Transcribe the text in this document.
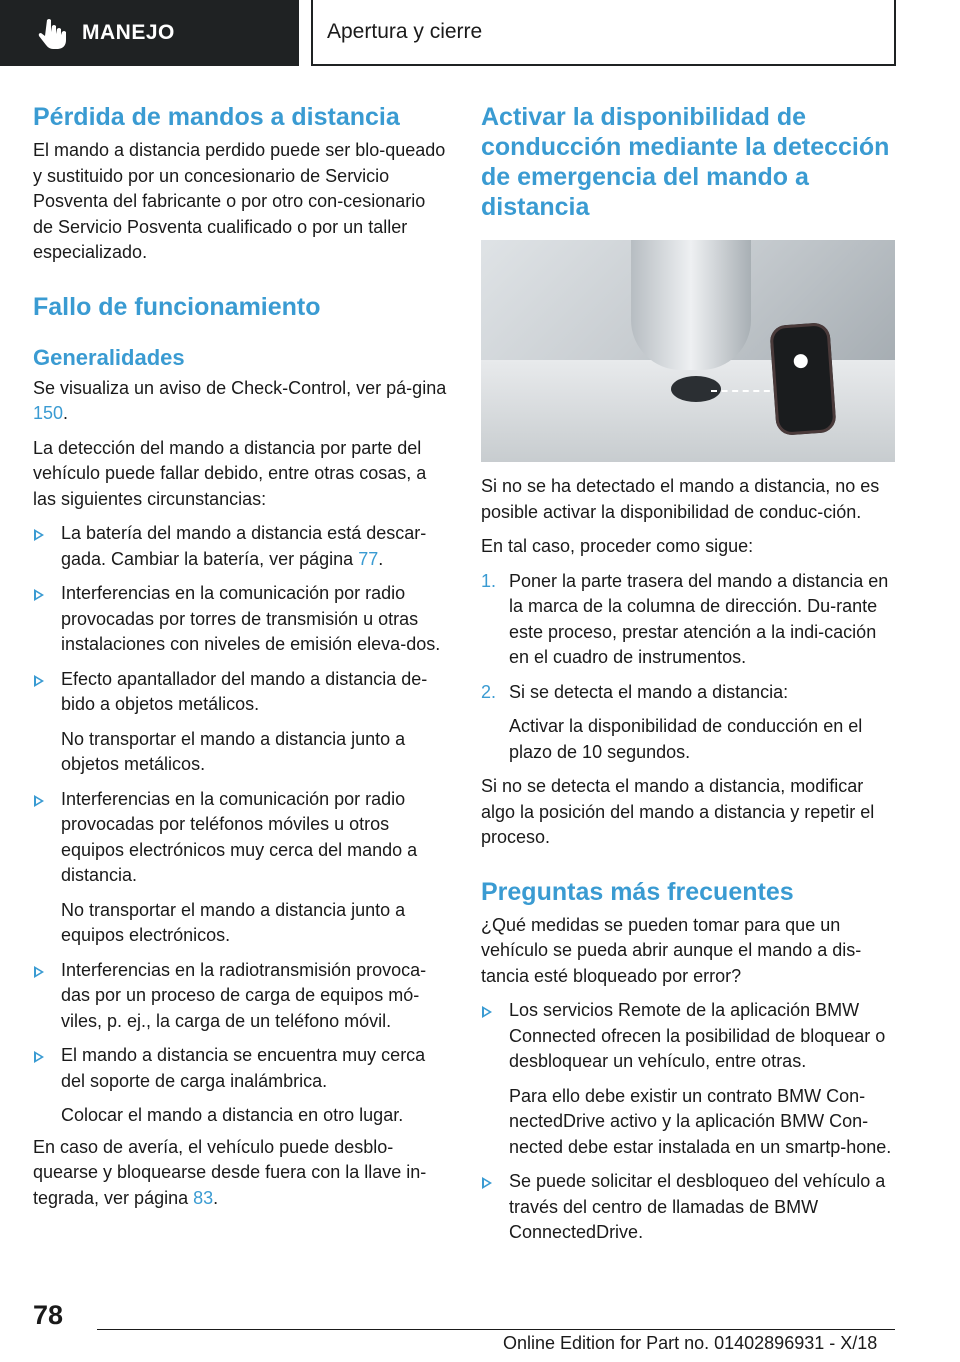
MANEJO	Apertura y cierre
Pérdida de mandos a distancia

El mando a distancia perdido puede ser blo-queado y sustituido por un concesionario de Servicio Posventa del fabricante o por otro con-cesionario de Servicio Posventa cualificado o por un taller especializado.

Fallo de funcionamiento
Generalidades

Se visualiza un aviso de Check-Control, ver pá-gina 150.

La detección del mando a distancia por parte del vehículo puede fallar debido, entre otras cosas, a las siguientes circunstancias:

La batería del mando a distancia está descar-gada. Cambiar la batería, ver página 77.
Interferencias en la comunicación por radio provocadas por torres de transmisión u otras instalaciones con niveles de emisión eleva-dos.
Efecto apantallador del mando a distancia de-bido a objetos metálicos.
No transportar el mando a distancia junto a objetos metálicos.
Interferencias en la comunicación por radio provocadas por teléfonos móviles u otros equipos electrónicos muy cerca del mando a distancia.
No transportar el mando a distancia junto a equipos electrónicos.
Interferencias en la radiotransmisión provoca-das por un proceso de carga de equipos mó-viles, p. ej., la carga de un teléfono móvil.
El mando a distancia se encuentra muy cerca del soporte de carga inalámbrica.
Colocar el mando a distancia en otro lugar.

En caso de avería, el vehículo puede desblo-quearse y bloquearse desde fuera con la llave in-tegrada, ver página 83.

Activar la disponibilidad de conducción mediante la detección de emergencia del mando a distancia

Si no se ha detectado el mando a distancia, no es posible activar la disponibilidad de conduc-ción.

En tal caso, proceder como sigue:

1. Poner la parte trasera del mando a distancia en la marca de la columna de dirección. Du-rante este proceso, prestar atención a la indi-cación en el cuadro de instrumentos.
2. Si se detecta el mando a distancia:
Activar la disponibilidad de conducción en el plazo de 10 segundos.

Si no se detecta el mando a distancia, modificar algo la posición del mando a distancia y repetir el proceso.

Preguntas más frecuentes

¿Qué medidas se pueden tomar para que un vehículo se pueda abrir aunque el mando a dis-tancia esté bloqueado por error?

Los servicios Remote de la aplicación BMW Connected ofrecen la posibilidad de bloquear o desbloquear un vehículo, entre otras.
Para ello debe existir un contrato BMW Con-nectedDrive activo y la aplicación BMW Con-nected debe estar instalada en un smartp-hone.
Se puede solicitar el desbloqueo del vehículo a través del centro de llamadas de BMW ConnectedDrive.
78
Online Edition for Part no. 01402896931 - X/18
